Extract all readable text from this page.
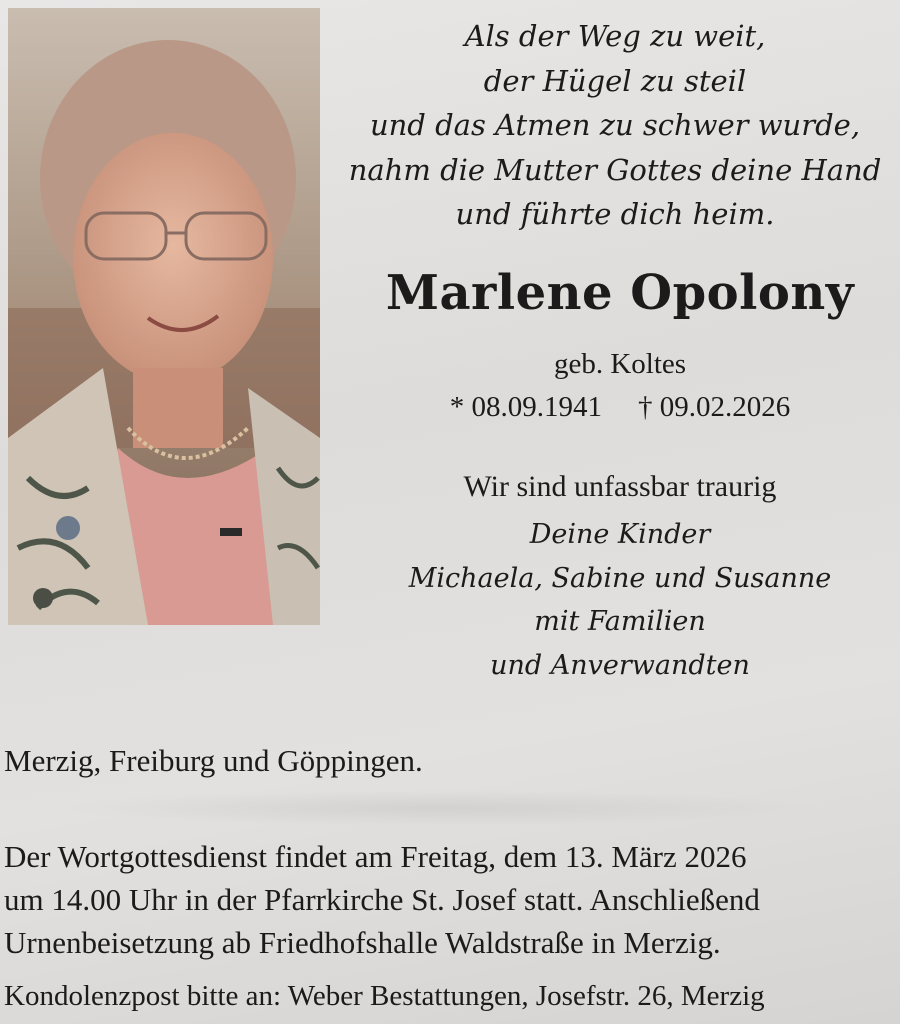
Als der Weg zu weit,
der Hügel zu steil
und das Atmen zu schwer wurde,
nahm die Mutter Gottes deine Hand
und führte dich heim.
Marlene Opolony
geb. Koltes
* 08.09.1941 † 09.02.2026
Wir sind unfassbar traurig
Deine Kinder
Michaela, Sabine und Susanne
mit Familien
und Anverwandten
Merzig, Freiburg und Göppingen.
Der Wortgottesdienst findet am Freitag, dem 13. März 2026
um 14.00 Uhr in der Pfarrkirche St. Josef statt. Anschließend
Urnenbeisetzung ab Friedhofshalle Waldstraße in Merzig.
Kondolenzpost bitte an: Weber Bestattungen, Josefstr. 26, Merzig
